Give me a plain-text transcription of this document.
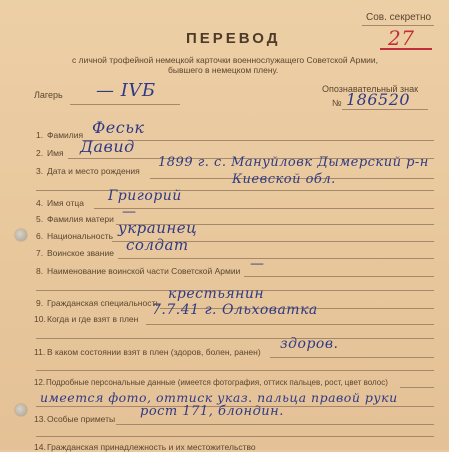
Сов. секретно
27
ПЕРЕВОД
с личной трофейной немецкой карточки военнослужащего Советской Армии,
бывшего в немецком плену.
Лагерь — IVБ	Опознавательный знак
№ 186520
1. Фамилия Феськ
2. Имя Давид
3. Дата и место рождения
1899 г. с. Мануйловк Дымерский р-н
Киевской обл.
4. Имя отца Григорий
5. Фамилия матери —
6. Национальность украинец
7. Воинское звание солдат
8. Наименование воинской части Советской Армии —
9. Гражданская специальность
крестьянин
10. Когда и где взят в плен
7.7.41 г. Ольховатка
11. В каком состоянии взят в плен (здоров, болен, ранен) здоров.
12. Подробные персональные данные (имеется фотография, оттиск пальцев, рост, цвет волос)
имеется фото, оттиск указ. пальца правой руки
13. Особые приметы рост 171, блондин.
14. Гражданская принадлежность и их местожительство
